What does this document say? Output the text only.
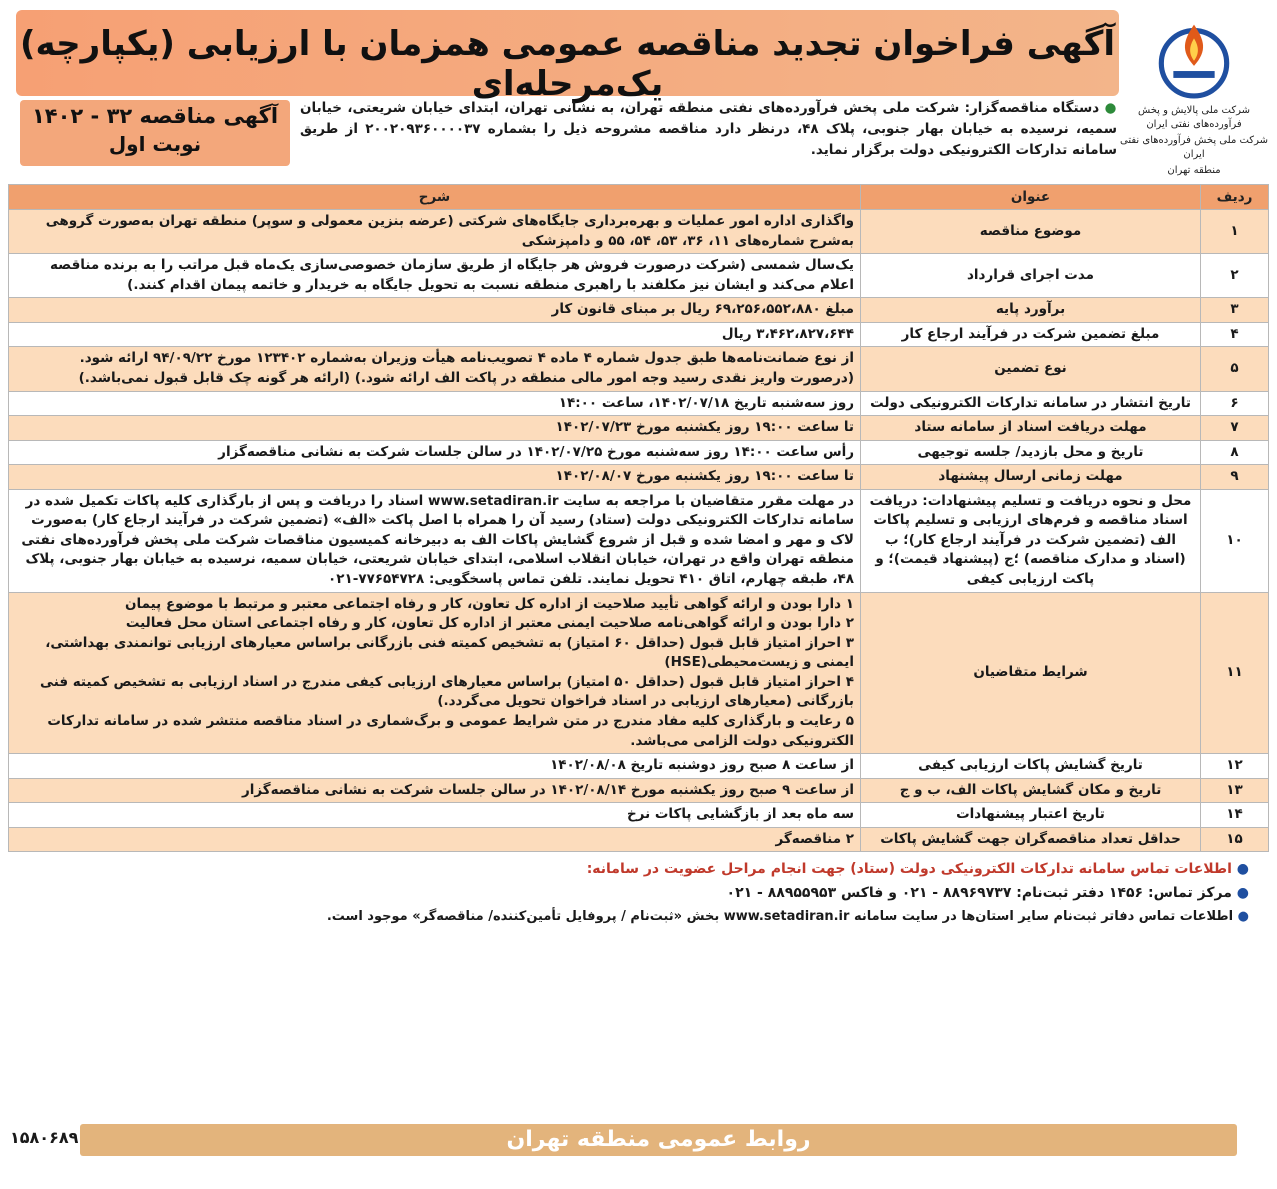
آگهی فراخوان تجدید مناقصه عمومی همزمان با ارزیابی (یکپارچه) یک‌مرحله‌ای
شرکت ملی پالایش و پخش فرآورده‌های نفتی ایران
شرکت ملی پخش فرآورده‌های نفتی ایران
منطقه تهران
● دستگاه مناقصه‌گزار: شرکت ملی پخش فرآورده‌های نفتی منطقه تهران، به نشانی تهران، ابتدای خیابان شریعتی، خیابان سمیه، نرسیده به خیابان بهار جنوبی، پلاک ۴۸، درنظر دارد مناقصه مشروحه ذیل را بشماره ۲۰۰۲۰۹۳۶۰۰۰۰۳۷ از طریق سامانه تدارکات الکترونیکی دولت برگزار نماید.
آگهی مناقصه ۳۲ - ۱۴۰۲
نوبت اول
ردیف	عنوان	شرح
۱	موضوع مناقصه	واگذاری اداره امور عملیات و بهره‌برداری جایگاه‌های شرکتی (عرضه بنزین معمولی و سوپر) منطقه تهران به‌صورت گروهی به‌شرح شماره‌های ۱۱، ۳۶، ۵۳، ۵۴، ۵۵ و دامپزشکی
۲	مدت اجرای قرارداد	یک‌سال شمسی (شرکت درصورت فروش هر جایگاه از طریق سازمان خصوصی‌سازی یک‌ماه قبل مراتب را به برنده مناقصه اعلام می‌کند و ایشان نیز مکلفند با راهبری منطقه نسبت به تحویل جایگاه به خریدار و خاتمه پیمان اقدام کنند.)
۳	برآورد پایه	مبلغ ۶۹،۲۵۶،۵۵۲،۸۸۰ ریال بر مبنای قانون کار
۴	مبلغ تضمین شرکت در فرآیند ارجاع کار	۳،۴۶۲،۸۲۷،۶۴۴ ریال
۵	نوع تضمین	از نوع ضمانت‌نامه‌ها طبق جدول شماره ۴ ماده ۴ تصویب‌نامه هیأت وزیران به‌شماره ۱۲۳۴۰۲ مورخ ۹۴/۰۹/۲۲ ارائه شود. (درصورت واریز نقدی رسید وجه امور مالی منطقه در پاکت الف ارائه شود.) (ارائه هر گونه چک قابل قبول نمی‌باشد.)
۶	تاریخ انتشار در سامانه تدارکات الکترونیکی دولت	روز سه‌شنبه تاریخ ۱۴۰۲/۰۷/۱۸، ساعت ۱۴:۰۰
۷	مهلت دریافت اسناد از سامانه ستاد	تا ساعت ۱۹:۰۰ روز یکشنبه مورخ ۱۴۰۲/۰۷/۲۳
۸	تاریخ و محل بازدید/ جلسه توجیهی	رأس ساعت ۱۴:۰۰ روز سه‌شنبه مورخ ۱۴۰۲/۰۷/۲۵ در سالن جلسات شرکت به نشانی مناقصه‌گزار
۹	مهلت زمانی ارسال پیشنهاد	تا ساعت ۱۹:۰۰ روز یکشنبه مورخ ۱۴۰۲/۰۸/۰۷
۱۰	محل و نحوه دریافت و تسلیم پیشنهادات: دریافت اسناد مناقصه و فرم‌های ارزیابی و تسلیم پاکات الف (تضمین شرکت در فرآیند ارجاع کار)؛ ب (اسناد و مدارک مناقصه) ؛ج (پیشنهاد قیمت)؛ و پاکت ارزیابی کیفی	در مهلت مقرر متقاضیان با مراجعه به سایت www.setadiran.ir اسناد را دریافت و پس از بارگذاری کلیه پاکات تکمیل شده در سامانه تدارکات الکترونیکی دولت (ستاد) رسید آن را همراه با اصل پاکت «الف» (تضمین شرکت در فرآیند ارجاع کار) به‌صورت لاک و مهر و امضا شده و قبل از شروع گشایش پاکات الف به دبیرخانه کمیسیون مناقصات شرکت ملی پخش فرآورده‌های نفتی منطقه تهران واقع در تهران، خیابان انقلاب اسلامی، ابتدای خیابان شریعتی، خیابان سمیه، نرسیده به خیابان بهار جنوبی، پلاک ۴۸، طبقه چهارم، اتاق ۴۱۰ تحویل نمایند. تلفن تماس پاسخگویی: ۷۷۶۵۴۷۲۸-۰۲۱
۱۱	شرایط متقاضیان	۱ دارا بودن و ارائه گواهی تأیید صلاحیت از اداره کل تعاون، کار و رفاه اجتماعی معتبر و مرتبط با موضوع پیمان
۲ دارا بودن و ارائه گواهی‌نامه صلاحیت ایمنی معتبر از اداره کل تعاون، کار و رفاه اجتماعی استان محل فعالیت
۳ احراز امتیاز قابل قبول (حداقل ۶۰ امتیاز) به تشخیص کمیته فنی بازرگانی براساس معیارهای ارزیابی توانمندی بهداشتی، ایمنی و زیست‌محیطی(HSE)
۴ احراز امتیاز قابل قبول (حداقل ۵۰ امتیاز) براساس معیارهای ارزیابی کیفی مندرج در اسناد ارزیابی به تشخیص کمیته فنی بازرگانی (معیارهای ارزیابی در اسناد فراخوان تحویل می‌گردد.)
۵ رعایت و بارگذاری کلیه مفاد مندرج در متن شرایط عمومی و برگ‌شماری در اسناد مناقصه منتشر شده در سامانه تدارکات الکترونیکی دولت الزامی می‌باشد.

۱۲	تاریخ گشایش پاکات ارزیابی کیفی	از ساعت ۸ صبح روز دوشنبه تاریخ ۱۴۰۲/۰۸/۰۸
۱۳	تاریخ و مکان گشایش پاکات الف، ب و ج	از ساعت ۹ صبح روز یکشنبه مورخ ۱۴۰۲/۰۸/۱۴ در سالن جلسات شرکت به نشانی مناقصه‌گزار
۱۴	تاریخ اعتبار پیشنهادات	سه ماه بعد از بازگشایی پاکات نرخ
۱۵	حداقل تعداد مناقصه‌گران جهت گشایش پاکات	۲ مناقصه‌گر
● اطلاعات تماس سامانه تدارکات الکترونیکی دولت (ستاد) جهت انجام مراحل عضویت در سامانه:
● مرکز تماس: ۱۴۵۶ دفتر ثبت‌نام: ۸۸۹۶۹۷۳۷ - ۰۲۱ و فاکس ۸۸۹۵۵۹۵۳ - ۰۲۱
● اطلاعات تماس دفاتر ثبت‌نام سایر استان‌ها در سایت سامانه www.setadiran.ir بخش «ثبت‌نام / پروفایل تأمین‌کننده/ مناقصه‌گر» موجود است.
روابط عمومی منطقه تهران
۱۵۸۰۶۸۹
